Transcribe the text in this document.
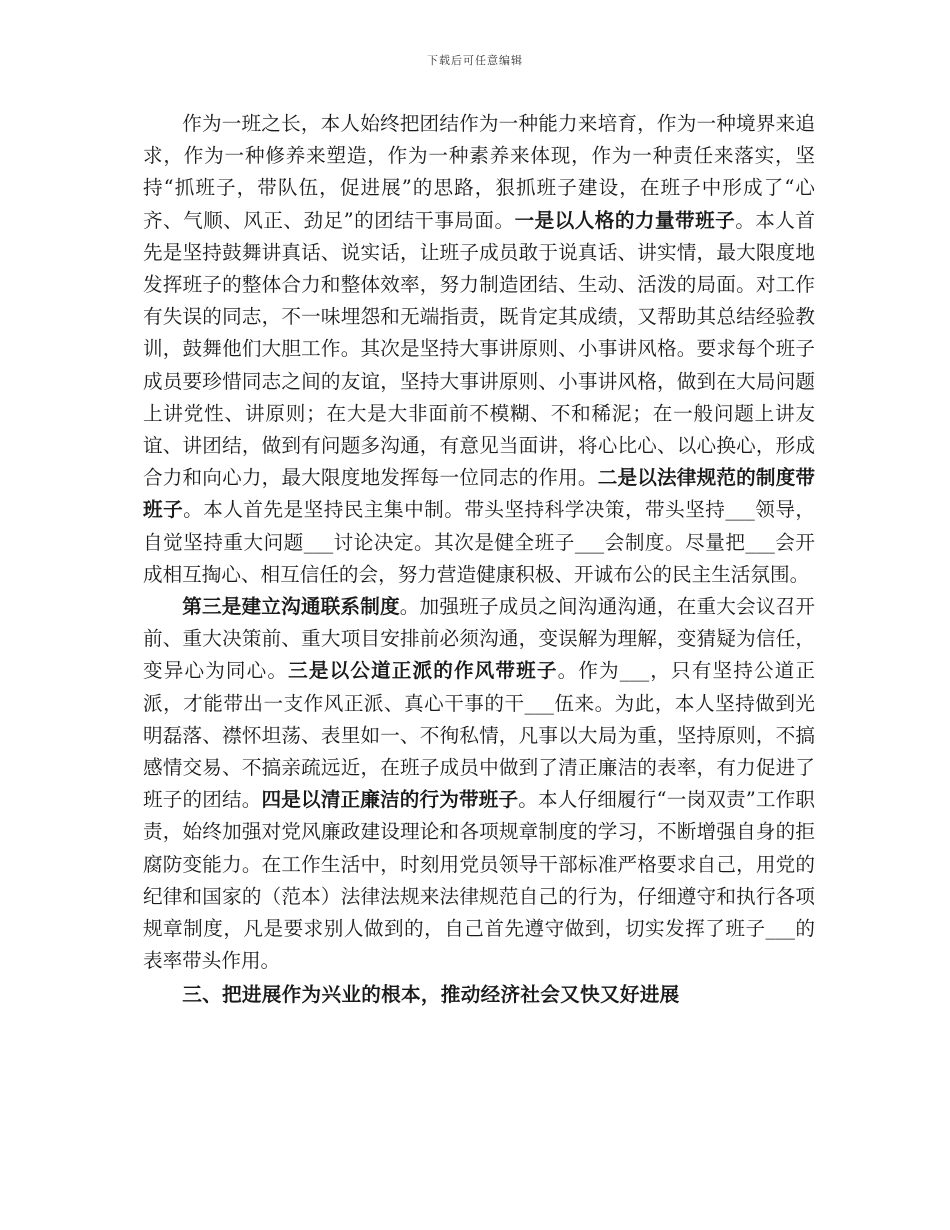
下载后可任意编辑

作为一班之长，本人始终把团结作为一种能力来培育，作为一种境界来追求，作为一种修养来塑造，作为一种素养来体现，作为一种责任来落实，坚持“抓班子，带队伍，促进展”的思路，狠抓班子建设，在班子中形成了“心齐、气顺、风正、劲足”的团结干事局面。一是以人格的力量带班子。本人首先是坚持鼓舞讲真话、说实话，让班子成员敢于说真话、讲实情，最大限度地发挥班子的整体合力和整体效率，努力制造团结、生动、活泼的局面。对工作有失误的同志，不一味埋怨和无端指责，既肯定其成绩，又帮助其总结经验教训，鼓舞他们大胆工作。其次是坚持大事讲原则、小事讲风格。要求每个班子成员要珍惜同志之间的友谊，坚持大事讲原则、小事讲风格，做到在大局问题上讲党性、讲原则；在大是大非面前不模糊、不和稀泥；在一般问题上讲友谊、讲团结，做到有问题多沟通，有意见当面讲，将心比心、以心换心，形成合力和向心力，最大限度地发挥每一位同志的作用。二是以法律规范的制度带班子。本人首先是坚持民主集中制。带头坚持科学决策，带头坚持___领导，自觉坚持重大问题___讨论决定。其次是健全班子___会制度。尽量把___会开成相互掏心、相互信任的会，努力营造健康积极、开诚布公的民主生活氛围。

第三是建立沟通联系制度。加强班子成员之间沟通沟通，在重大会议召开前、重大决策前、重大项目安排前必须沟通，变误解为理解，变猜疑为信任，变异心为同心。三是以公道正派的作风带班子。作为___，只有坚持公道正派，才能带出一支作风正派、真心干事的干___伍来。为此，本人坚持做到光明磊落、襟怀坦荡、表里如一、不徇私情，凡事以大局为重，坚持原则，不搞感情交易、不搞亲疏远近，在班子成员中做到了清正廉洁的表率，有力促进了班子的团结。四是以清正廉洁的行为带班子。本人仔细履行“一岗双责”工作职责，始终加强对党风廉政建设理论和各项规章制度的学习，不断增强自身的拒腐防变能力。在工作生活中，时刻用党员领导干部标准严格要求自己，用党的纪律和国家的（范本）法律法规来法律规范自己的行为，仔细遵守和执行各项规章制度，凡是要求别人做到的，自己首先遵守做到，切实发挥了班子___的表率带头作用。

三、把进展作为兴业的根本，推动经济社会又快又好进展
